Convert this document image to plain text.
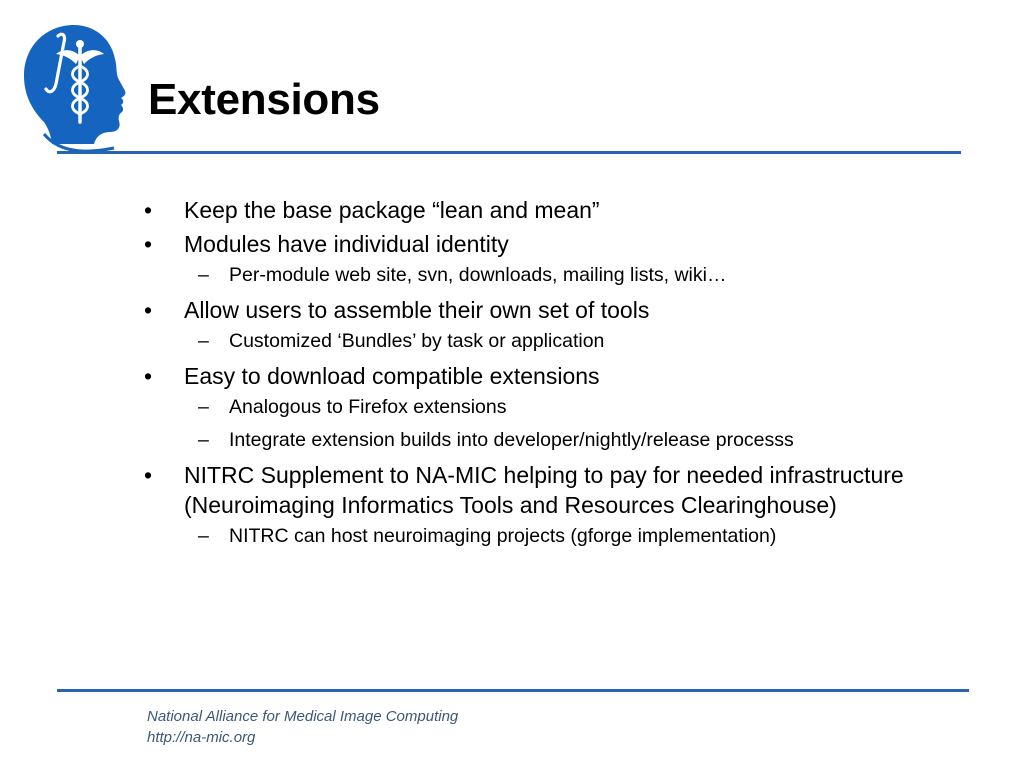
Extensions
• Keep the base package “lean and mean”
• Modules have individual identity
– Per-module web site, svn, downloads, mailing lists, wiki…
• Allow users to assemble their own set of tools
– Customized ‘Bundles’ by task or application
• Easy to download compatible extensions
– Analogous to Firefox extensions
– Integrate extension builds into developer/nightly/release processs
• NITRC Supplement to NA-MIC helping to pay for needed infrastructure (Neuroimaging Informatics Tools and Resources Clearinghouse)
– NITRC can host neuroimaging projects (gforge implementation)
National Alliance for Medical Image Computing
http://na-mic.org
